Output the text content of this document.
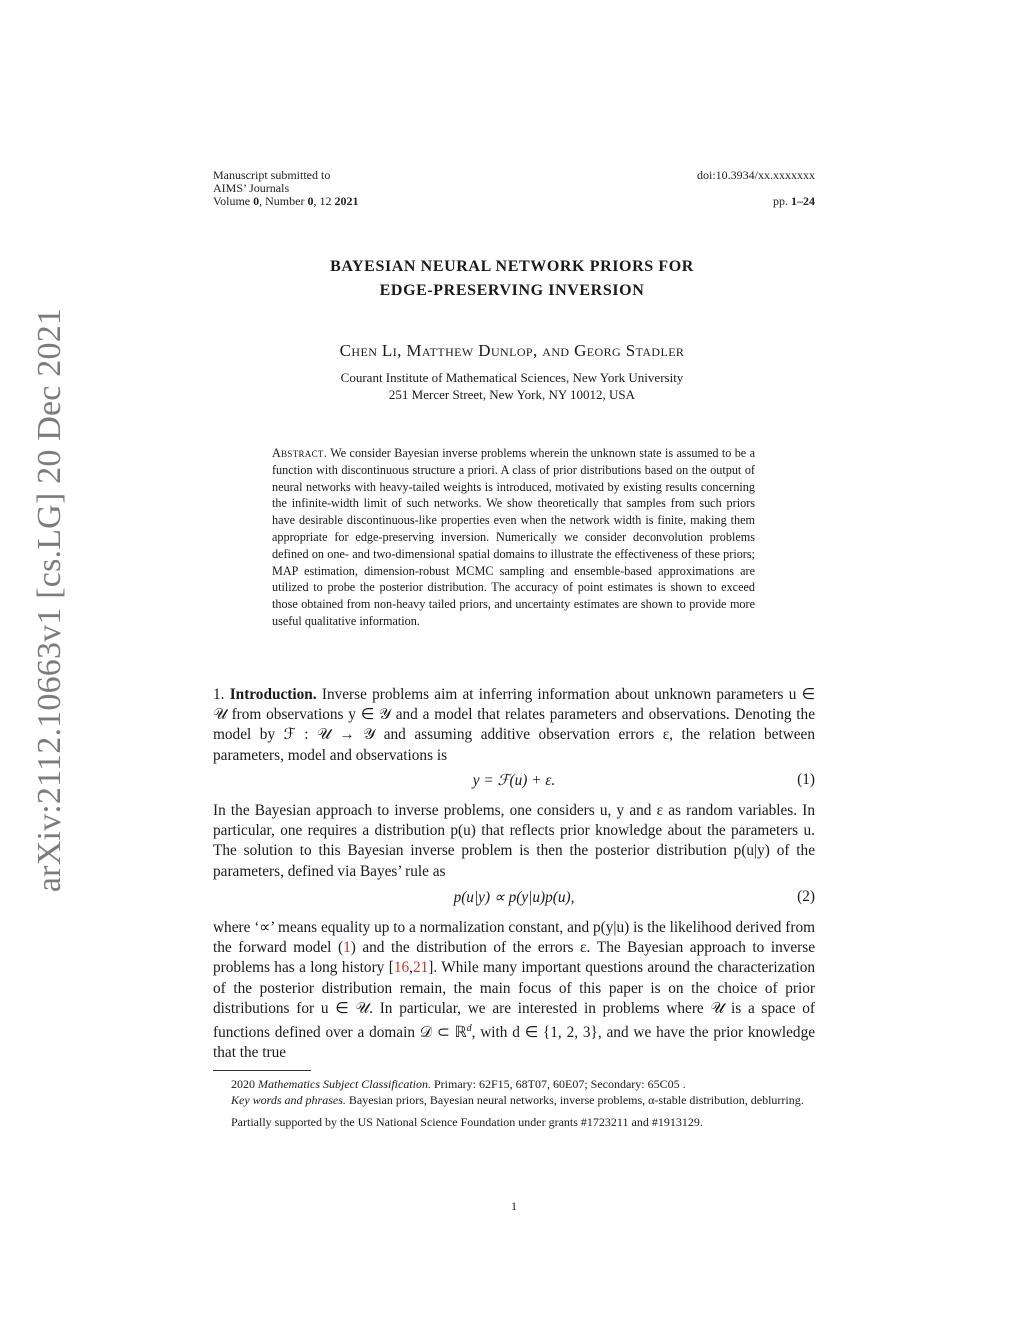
arXiv:2112.10663v1 [cs.LG] 20 Dec 2021
Manuscript submitted to
AIMS’ Journals
Volume 0, Number 0, 12 2021
doi:10.3934/xx.xxxxxxx
pp. 1–24
BAYESIAN NEURAL NETWORK PRIORS FOR
EDGE-PRESERVING INVERSION
Chen Li, Matthew Dunlop, and Georg Stadler
Courant Institute of Mathematical Sciences, New York University
251 Mercer Street, New York, NY 10012, USA
Abstract. We consider Bayesian inverse problems wherein the unknown state is assumed to be a function with discontinuous structure a priori. A class of prior distributions based on the output of neural networks with heavy-tailed weights is introduced, motivated by existing results concerning the infinite-width limit of such networks. We show theoretically that samples from such priors have desirable discontinuous-like properties even when the network width is finite, making them appropriate for edge-preserving inversion. Numerically we consider deconvolution problems defined on one- and two-dimensional spatial domains to illustrate the effectiveness of these priors; MAP estimation, dimension-robust MCMC sampling and ensemble-based approximations are utilized to probe the posterior distribution. The accuracy of point estimates is shown to exceed those obtained from non-heavy tailed priors, and uncertainty estimates are shown to provide more useful qualitative information.

1. Introduction. Inverse problems aim at inferring information about unknown parameters u ∈ 𝒰 from observations y ∈ 𝒴 and a model that relates parameters and observations. Denoting the model by ℱ : 𝒰 → 𝒴 and assuming additive observation errors ε, the relation between parameters, model and observations is

y = ℱ(u) + ε.	(1)

In the Bayesian approach to inverse problems, one considers u, y and ε as random variables. In particular, one requires a distribution p(u) that reflects prior knowledge about the parameters u. The solution to this Bayesian inverse problem is then the posterior distribution p(u|y) of the parameters, defined via Bayes’ rule as

p(u|y) ∝ p(y|u)p(u),	(2)

where ‘∝’ means equality up to a normalization constant, and p(y|u) is the likelihood derived from the forward model (1) and the distribution of the errors ε. The Bayesian approach to inverse problems has a long history [16,21]. While many important questions around the characterization of the posterior distribution remain, the main focus of this paper is on the choice of prior distributions for u ∈ 𝒰. In particular, we are interested in problems where 𝒰 is a space of functions defined over a domain 𝒟 ⊂ ℝ$^d$, with d ∈ {1, 2, 3}, and we have the prior knowledge that the true

2020 Mathematics Subject Classification. Primary: 62F15, 68T07, 60E07; Secondary: 65C05 .

Key words and phrases. Bayesian priors, Bayesian neural networks, inverse problems, α-stable distribution, deblurring.

Partially supported by the US National Science Foundation under grants #1723211 and #1913129.

1
